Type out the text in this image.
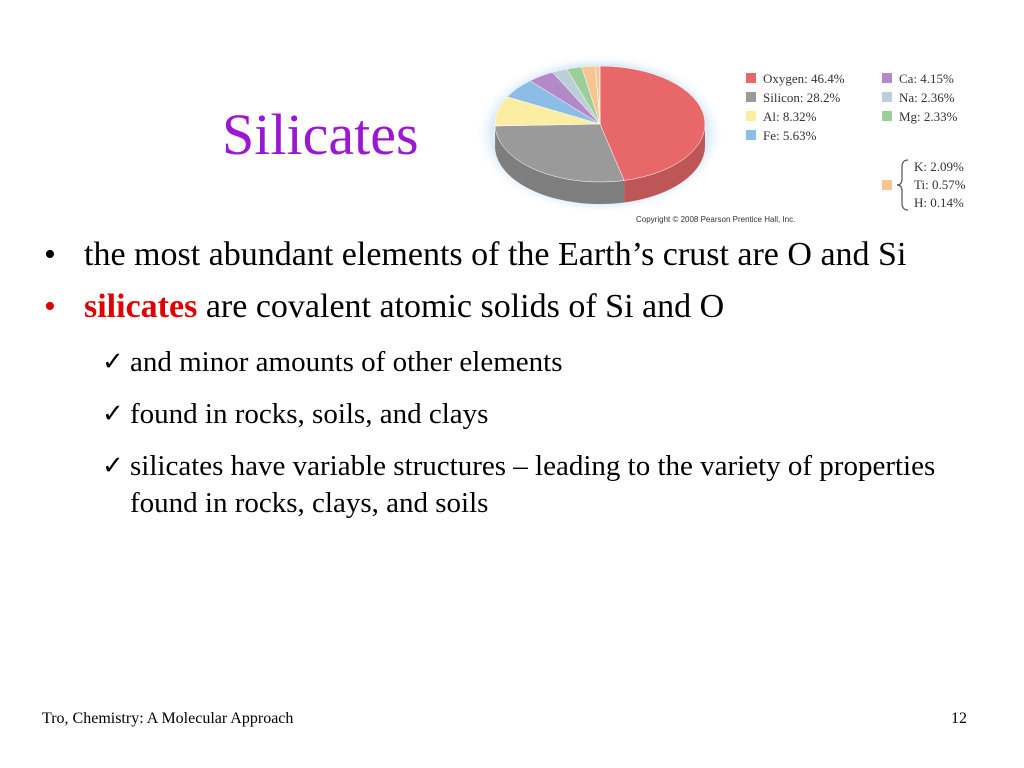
Silicates
Oxygen: 46.4%
Silicon: 28.2%
Al: 8.32%
Fe: 5.63%
Ca: 4.15%
Na: 2.36%
Mg: 2.33%
K: 2.09%
Ti: 0.57%
H: 0.14%
Copyright © 2008 Pearson Prentice Hall, Inc.
• the most abundant elements of the Earth’s crust are O and Si
• silicates are covalent atomic solids of Si and O
✓ and minor amounts of other elements
✓ found in rocks, soils, and clays
✓ silicates have variable structures – leading to the variety of properties found in rocks, clays, and soils
Tro, Chemistry: A Molecular Approach	12
